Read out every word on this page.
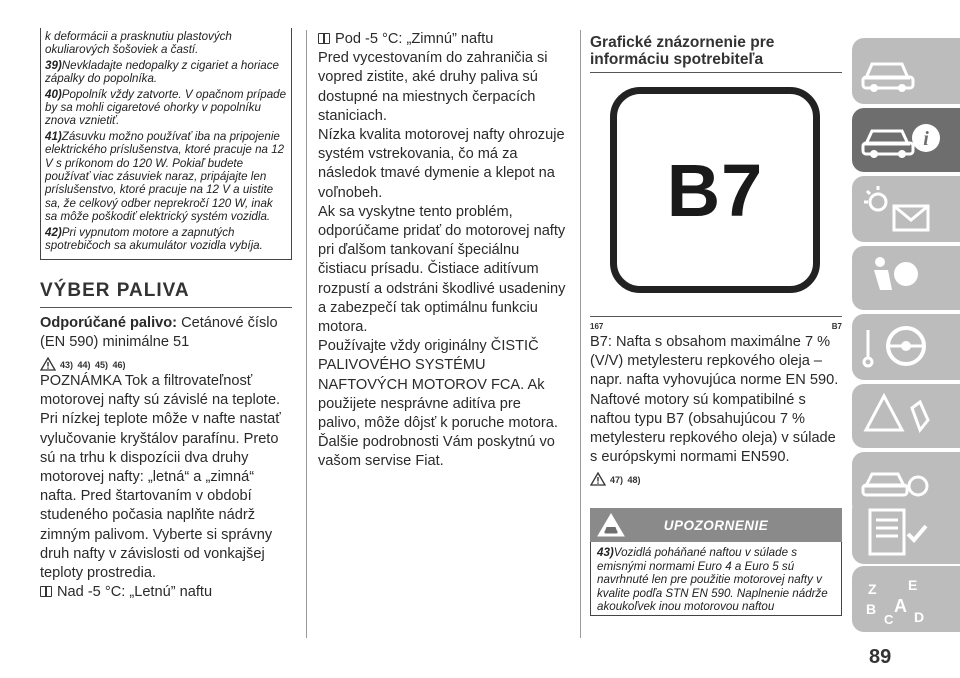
k deformácii a prasknutiu plastových okuliarových šošoviek a častí.

39)Nevkladajte nedopalky z cigariet a horiace zápalky do popolníka.

40)Popolník vždy zatvorte. V opačnom prípade by sa mohli cigaretové ohorky v popolníku znova vznietiť.

41)Zásuvku možno používať iba na pripojenie elektrického príslušenstva, ktoré pracuje na 12 V s príkonom do 120 W. Pokiaľ budete používať viac zásuviek naraz, pripájajte len príslušenstvo, ktoré pracuje na 12 V a uistite sa, že celkový odber neprekročí 120 W, inak sa môže poškodiť elektrický systém vozidla.

42)Pri vypnutom motore a zapnutých spotrebičoch sa akumulátor vozidla vybíja.

VÝBER PALIVA

Odporúčané palivo: Cetánové číslo (EN 590) minimálne 51

43) 44) 45) 46)

POZNÁMKA Tok a filtrovateľnosť motorovej nafty sú závislé na teplote. Pri nízkej teplote môže v nafte nastať vylučovanie kryštálov parafínu. Preto sú na trhu k dispozícii dva druhy motorovej nafty: „letná“ a „zimná“ nafta. Pred štartovaním v období studeného počasia naplňte nádrž zimným palivom. Vyberte si správny druh nafty v závislosti od vonkajšej teploty prostredia.

Nad -5 °C: „Letnú” naftu

Pod -5 °C: „Zimnú” naftu

Pred vycestovaním do zahraničia si vopred zistite, aké druhy paliva sú dostupné na miestnych čerpacích staniciach.

Nízka kvalita motorovej nafty ohrozuje systém vstrekovania, čo má za následok tmavé dymenie a klepot na voľnobeh.

Ak sa vyskytne tento problém, odporúčame pridať do motorovej nafty pri ďalšom tankovaní špeciálnu čistiacu prísadu. Čistiace aditívum rozpustí a odstráni škodlivé usadeniny a zabezpečí tak optimálnu funkciu motora.

Používajte vždy originálny ČISTIČ PALIVOVÉHO SYSTÉMU NAFTOVÝCH MOTOROV FCA. Ak použijete nesprávne aditíva pre palivo, môže dôjsť k poruche motora. Ďalšie podrobnosti Vám poskytnú vo vašom servise Fiat.

Grafické znázornenie pre informáciu spotrebiteľa
B7
167	B7

B7: Nafta s obsahom maximálne 7 % (V/V) metylesteru repkového oleja – napr. nafta vyhovujúca norme EN 590. Naftové motory sú kompatibilné s naftou typu B7 (obsahujúcou 7 % metylesteru repkového oleja) v súlade s európskymi normami EN590.

47) 48)
UPOZORNENIE

43)Vozidlá poháňané naftou v súlade s emisnými normami Euro 4 a Euro 5 sú navrhnuté len pre použitie motorovej nafty v kvalite podľa STN EN 590. Naplnenie nádrže akoukoľvek inou motorovou naftou

i
Z E
B A
C D
89
